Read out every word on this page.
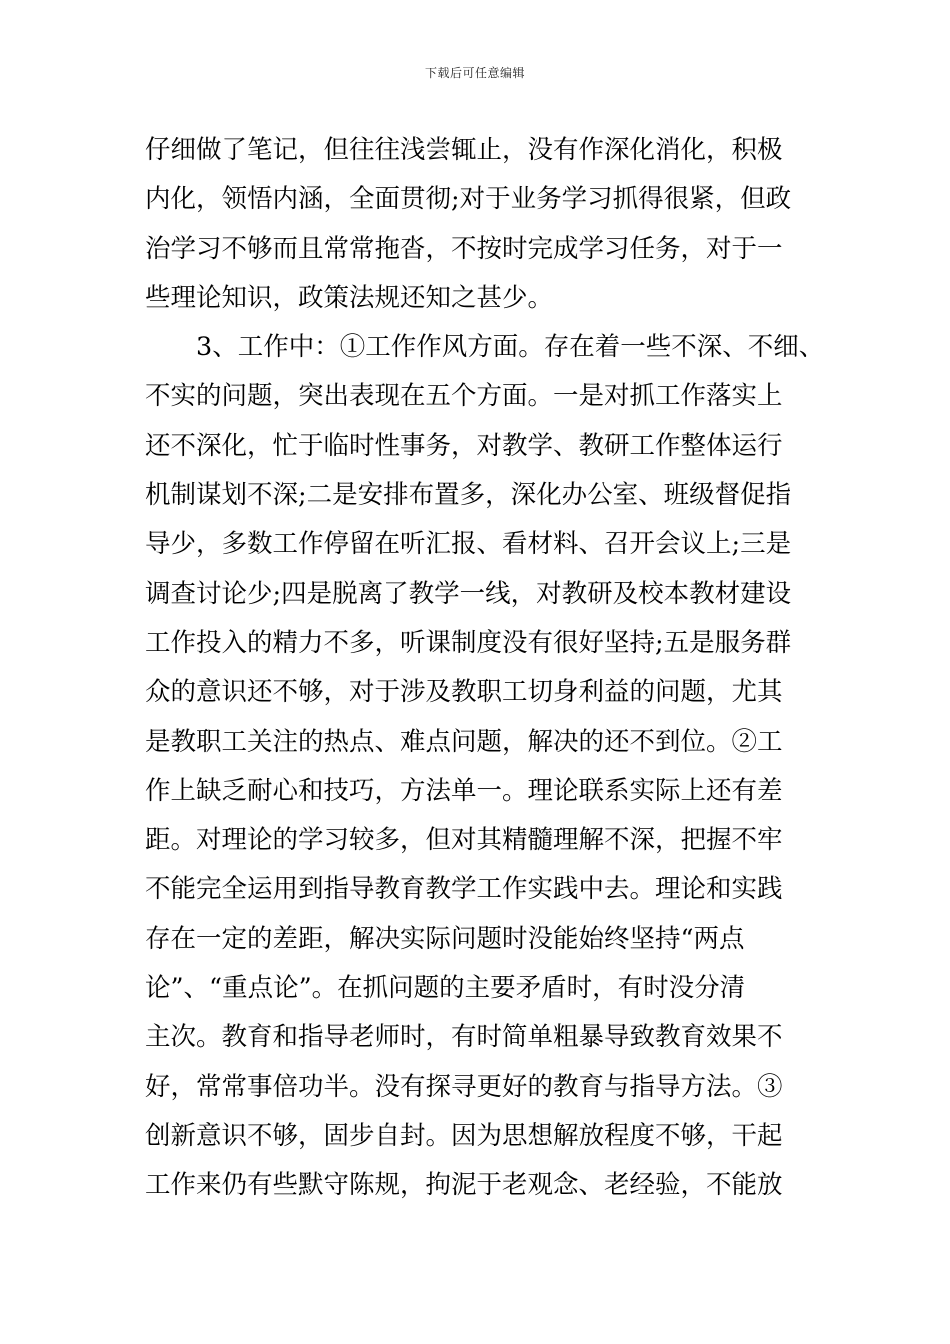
下载后可任意编辑
仔细做了笔记，但往往浅尝辄止，没有作深化消化，积极
内化，领悟内涵，全面贯彻;对于业务学习抓得很紧，但政
治学习不够而且常常拖沓，不按时完成学习任务，对于一
些理论知识，政策法规还知之甚少。
3、工作中：①工作作风方面。存在着一些不深、不细、
不实的问题，突出表现在五个方面。一是对抓工作落实上
还不深化，忙于临时性事务，对教学、教研工作整体运行
机制谋划不深;二是安排布置多，深化办公室、班级督促指
导少，多数工作停留在听汇报、看材料、召开会议上;三是
调查讨论少;四是脱离了教学一线，对教研及校本教材建设
工作投入的精力不多，听课制度没有很好坚持;五是服务群
众的意识还不够，对于涉及教职工切身利益的问题，尤其
是教职工关注的热点、难点问题，解决的还不到位。②工
作上缺乏耐心和技巧，方法单一。理论联系实际上还有差
距。对理论的学习较多，但对其精髓理解不深，把握不牢
不能完全运用到指导教育教学工作实践中去。理论和实践
存在一定的差距，解决实际问题时没能始终坚持“两点
论”、“重点论”。在抓问题的主要矛盾时，有时没分清
主次。教育和指导老师时，有时简单粗暴导致教育效果不
好，常常事倍功半。没有探寻更好的教育与指导方法。③
创新意识不够，固步自封。因为思想解放程度不够，干起
工作来仍有些默守陈规，拘泥于老观念、老经验，不能放
